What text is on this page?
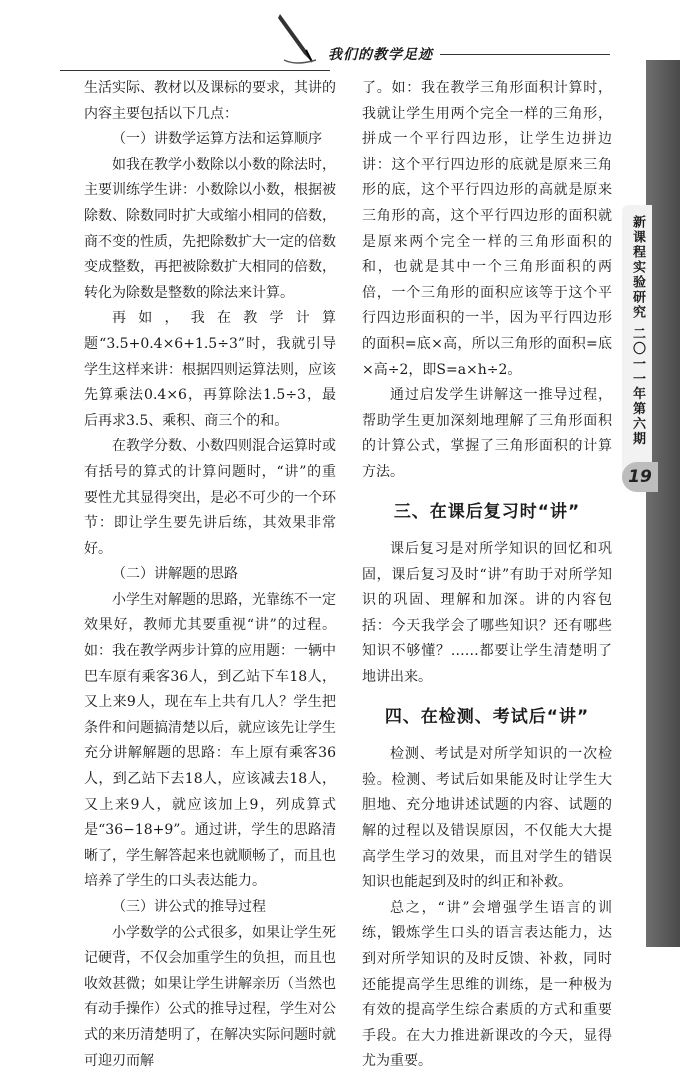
我们的教学足迹

生活实际、教材以及课标的要求，其讲的内容主要包括以下几点：

（一）讲数学运算方法和运算顺序

如我在教学小数除以小数的除法时，主要训练学生讲：小数除以小数，根据被除数、除数同时扩大或缩小相同的倍数，商不变的性质，先把除数扩大一定的倍数变成整数，再把被除数扩大相同的倍数，转化为除数是整数的除法来计算。

再如，我在教学计算题“3.5+0.4×6+1.5÷3”时，我就引导学生这样来讲：根据四则运算法则，应该先算乘法0.4×6，再算除法1.5÷3，最后再求3.5、乘积、商三个的和。

在教学分数、小数四则混合运算时或有括号的算式的计算问题时，“讲”的重要性尤其显得突出，是必不可少的一个环节：即让学生要先讲后练，其效果非常好。

（二）讲解题的思路

小学生对解题的思路，光靠练不一定效果好，教师尤其要重视“讲”的过程。如：我在教学两步计算的应用题：一辆中巴车原有乘客36人，到乙站下车18人，又上来9人，现在车上共有几人？学生把条件和问题搞清楚以后，就应该先让学生充分讲解解题的思路：车上原有乘客36人，到乙站下去18人，应该减去18人，又上来9人，就应该加上9，列成算式是“36−18+9”。通过讲，学生的思路清晰了，学生解答起来也就顺畅了，而且也培养了学生的口头表达能力。

（三）讲公式的推导过程

小学数学的公式很多，如果让学生死记硬背，不仅会加重学生的负担，而且也收效甚微；如果让学生讲解亲历（当然也有动手操作）公式的推导过程，学生对公式的来历清楚明了，在解决实际问题时就可迎刃而解

了。如：我在教学三角形面积计算时，我就让学生用两个完全一样的三角形，拼成一个平行四边形，让学生边拼边讲：这个平行四边形的底就是原来三角形的底，这个平行四边形的高就是原来三角形的高，这个平行四边形的面积就是原来两个完全一样的三角形面积的和，也就是其中一个三角形面积的两倍，一个三角形的面积应该等于这个平行四边形面积的一半，因为平行四边形的面积=底×高，所以三角形的面积=底×高÷2，即S=a×h÷2。

通过启发学生讲解这一推导过程，帮助学生更加深刻地理解了三角形面积的计算公式，掌握了三角形面积的计算方法。

三、在课后复习时“讲”

课后复习是对所学知识的回忆和巩固，课后复习及时“讲”有助于对所学知识的巩固、理解和加深。讲的内容包括：今天我学会了哪些知识？还有哪些知识不够懂？……都要让学生清楚明了地讲出来。

四、在检测、考试后“讲”

检测、考试是对所学知识的一次检验。检测、考试后如果能及时让学生大胆地、充分地讲述试题的内容、试题的解的过程以及错误原因，不仅能大大提高学生学习的效果，而且对学生的错误知识也能起到及时的纠正和补救。

总之，“讲”会增强学生语言的训练，锻炼学生口头的语言表达能力，达到对所学知识的及时反馈、补救，同时还能提高学生思维的训练，是一种极为有效的提高学生综合素质的方式和重要手段。在大力推进新课改的今天，显得尤为重要。

新课程实验研究 二〇一一年第六期
19
